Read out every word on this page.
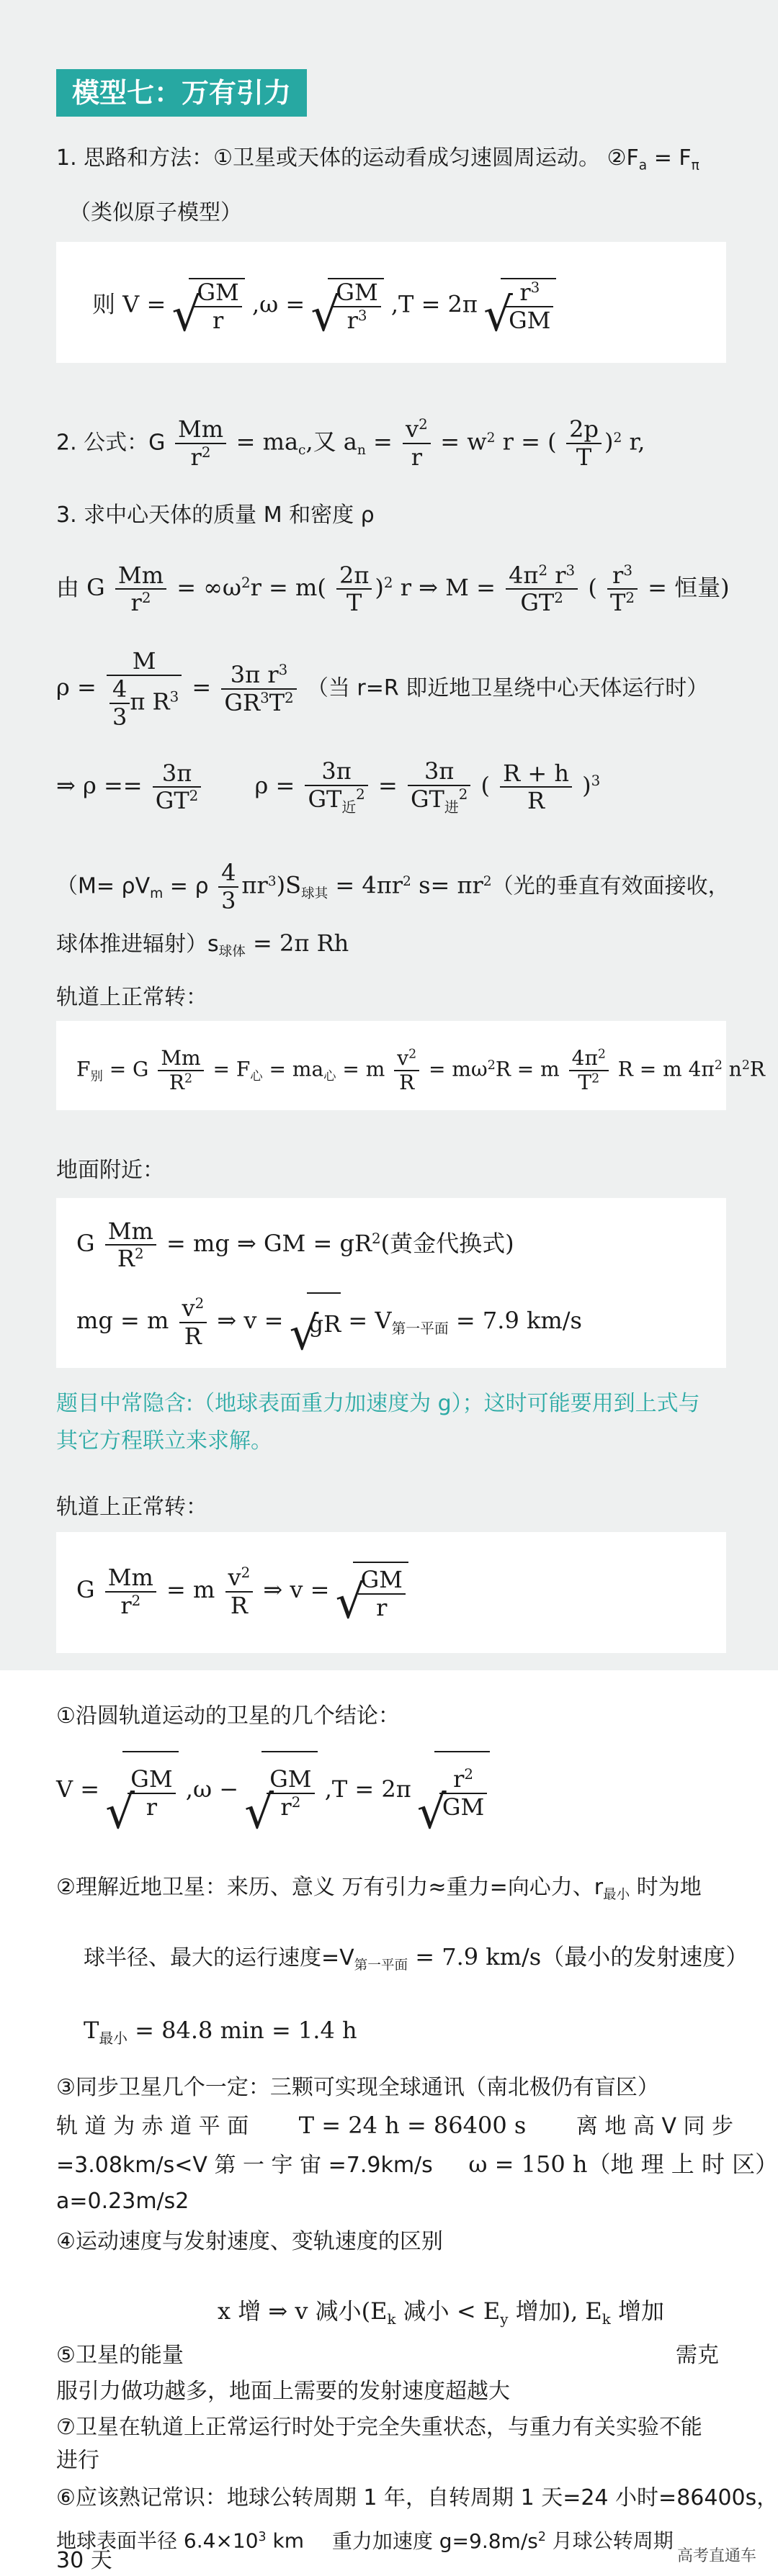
模型七：万有引力
1. 思路和方法：①卫星或天体的运动看成匀速圆周运动。 $②F_a = F_\pi$
（类似原子模型）
则 V = √ $\frac{GM}{r} ,\omega$ = √ $\frac{GM}{r^3} ,T = 2\pi$ √ $\frac{r^3}{GM}$
2. 公式：G $\frac{Mm}{r^2} = ma_c$,又 $a_n = \frac{v^2}{r} = w^2$ r = ( $\frac{2p}{T} )^2$ r,
3. 求中心天体的质量 M 和密度 ρ
由 G $\frac{Mm}{r^2} = \infty\omega^2r = m( \frac{2\pi}{T} )^2$ r ⇒ $M = \frac{4\pi^2 r^3}{GT^2}$ ( $\frac{r^3}{T^2}$ = 恒量)
$\rho = \frac{M}{\frac{4}{3} \pi R^3} = \frac{3\pi r^3}{GR^3T^2}$ （当 r=R 即近地卫星绕中心天体运行时）
⇒ $\rho == \frac{3\pi}{GT^2}$ $\rho = \frac{3\pi}{GT_近^2} = \frac{3\pi}{GT_进^2}$ ( $\frac{R + h}{R} )^3$
$(M= \rho V_m = \rho \frac{4}{3} \pi r^3)S_{球其} = 4\pi r^2$ $s= \pi r^2$（光的垂直有效面接收，
球体推进辐射）$s_{球体} = 2\pi$ Rh
轨道上正常转：
$F_别 = G \frac{Mm}{R^2} = F_心 = ma_心 = m \frac{v^2}{R} = m\omega^2R = m \frac{4\pi^2}{T^2}$ R = m $4\pi^2$ $n^2R$
地面附近：
G $\frac{Mm}{R^2}$ = mg ⇒ GM = $gR^2$(黄金代换式)
mg = m $\frac{v^2}{R}$ ⇒ v = √ gR = $V_{第一平面} = 7.9$ km/s
题目中常隐含:（地球表面重力加速度为 g）；这时可能要用到上式与
其它方程联立来求解。
轨道上正常转：
G $\frac{Mm}{r^2} = m \frac{v^2}{R}$ ⇒ v = √ $\frac{GM}{r}$
①沿圆轨道运动的卫星的几个结论：
V = √ $\frac{GM}{r} ,\omega$ − √ $\frac{GM}{r^2} ,T = 2\pi$ √ $\frac{r^2}{GM}$
②理解近地卫星：来历、意义 万有引力≈重力=向心力、$r_{最小}$ 时为地
球半径、最大的运行速度$=V_{第一平面} = 7.9$ km/s（最小的发射速度）
$T_{最小} = 84.8$ min = 1.4 h
③同步卫星几个一定：三颗可实现全球通讯（南北极仍有盲区）
轨 道 为 赤 道 平 面 T = 24 h = 86400 s 离 地 高 V 同 步
=3.08km/s<V 第 一 宇 宙 =7.9km/s ω = 150 h（地 理 上 时 区）
a=0.23m/s2
④运动速度与发射速度、变轨速度的区别
x 增 ⇒ v 减小($E_k$ 减小 < $E_y$ 增加), $E_k$ 增加
⑤卫星的能量	需克
服引力做功越多，地面上需要的发射速度超越大
⑦卫星在轨道上正常运行时处于完全失重状态，与重力有关实验不能
进行
⑥应该熟记常识：地球公转周期 1 年，自转周期 1 天=24 小时=86400s，
地球表面半径 $6.4\times 10^3$ km 重力加速度 $g=9.8m/s^2$ 月球公转周期
30 天	高考直通车
